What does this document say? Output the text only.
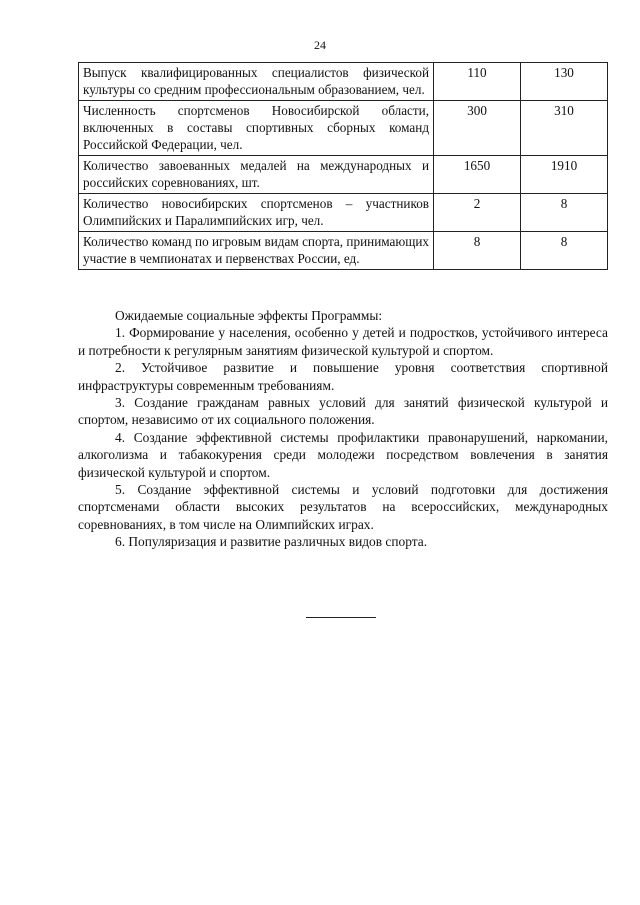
24
Выпуск квалифицированных специалистов физической культуры со средним профессиональным образованием, чел.	110	130
Численность спортсменов Новосибирской области, включенных в составы спортивных сборных команд Российской Федерации, чел.	300	310
Количество завоеванных медалей на международных и российских соревнованиях, шт.	1650	1910
Количество новосибирских спортсменов – участников Олимпийских и Паралимпийских игр, чел.	2	8
Количество команд по игровым видам спорта, принимающих участие в чемпионатах и первенствах России, ед.	8	8

Ожидаемые социальные эффекты Программы:

1. Формирование у населения, особенно у детей и подростков, устойчивого интереса и потребности к регулярным занятиям физической культурой и спортом.

2. Устойчивое развитие и повышение уровня соответствия спортивной инфраструктуры современным требованиям.

3. Создание гражданам равных условий для занятий физической культурой и спортом, независимо от их социального положения.

4. Создание эффективной системы профилактики правонарушений, наркомании, алкоголизма и табакокурения среди молодежи посредством вовлечения в занятия физической культурой и спортом.

5. Создание эффективной системы и условий подготовки для достижения спортсменами области высоких результатов на всероссийских, международных соревнованиях, в том числе на Олимпийских играх.

6. Популяризация и развитие различных видов спорта.
